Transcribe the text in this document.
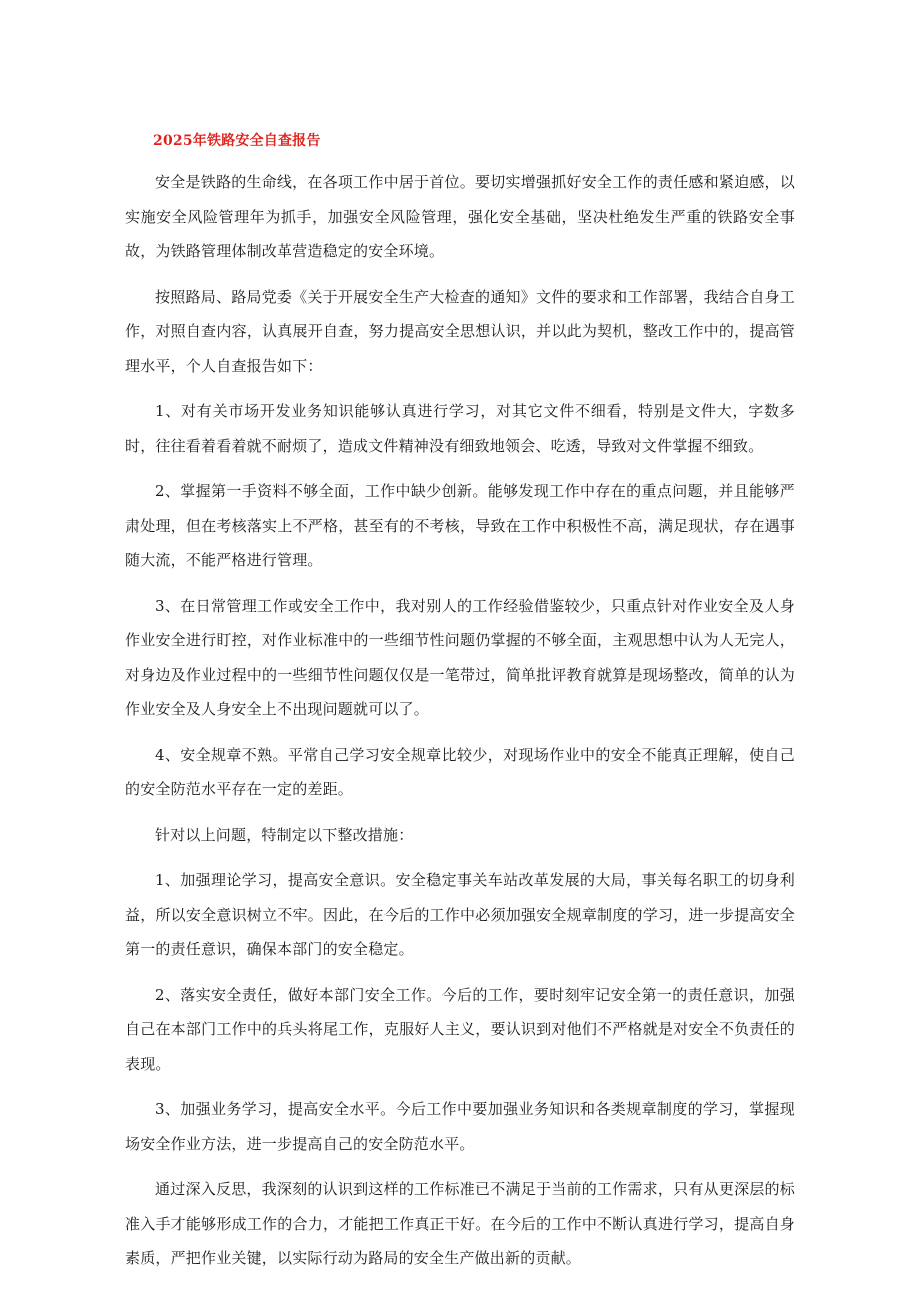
2025年铁路安全自查报告

安全是铁路的生命线，在各项工作中居于首位。要切实增强抓好安全工作的责任感和紧迫感，以实施安全风险管理年为抓手，加强安全风险管理，强化安全基础，坚决杜绝发生严重的铁路安全事故，为铁路管理体制改革营造稳定的安全环境。

按照路局、路局党委《关于开展安全生产大检查的通知》文件的要求和工作部署，我结合自身工作，对照自查内容，认真展开自查，努力提高安全思想认识，并以此为契机，整改工作中的，提高管理水平，个人自查报告如下：

1、对有关市场开发业务知识能够认真进行学习，对其它文件不细看，特别是文件大，字数多时，往往看着看着就不耐烦了，造成文件精神没有细致地领会、吃透，导致对文件掌握不细致。

2、掌握第一手资料不够全面，工作中缺少创新。能够发现工作中存在的重点问题，并且能够严肃处理，但在考核落实上不严格，甚至有的不考核，导致在工作中积极性不高，满足现状，存在遇事随大流，不能严格进行管理。

3、在日常管理工作或安全工作中，我对别人的工作经验借鉴较少，只重点针对作业安全及人身作业安全进行盯控，对作业标准中的一些细节性问题仍掌握的不够全面，主观思想中认为人无完人，对身边及作业过程中的一些细节性问题仅仅是一笔带过，简单批评教育就算是现场整改，简单的认为作业安全及人身安全上不出现问题就可以了。

4、安全规章不熟。平常自己学习安全规章比较少，对现场作业中的安全不能真正理解，使自己的安全防范水平存在一定的差距。

针对以上问题，特制定以下整改措施：

1、加强理论学习，提高安全意识。安全稳定事关车站改革发展的大局，事关每名职工的切身利益，所以安全意识树立不牢。因此，在今后的工作中必须加强安全规章制度的学习，进一步提高安全第一的责任意识，确保本部门的安全稳定。

2、落实安全责任，做好本部门安全工作。今后的工作，要时刻牢记安全第一的责任意识，加强自己在本部门工作中的兵头将尾工作，克服好人主义，要认识到对他们不严格就是对安全不负责任的表现。

3、加强业务学习，提高安全水平。今后工作中要加强业务知识和各类规章制度的学习，掌握现场安全作业方法，进一步提高自己的安全防范水平。

通过深入反思，我深刻的认识到这样的工作标准已不满足于当前的工作需求，只有从更深层的标准入手才能够形成工作的合力，才能把工作真正干好。在今后的工作中不断认真进行学习，提高自身素质，严把作业关键，以实际行动为路局的安全生产做出新的贡献。
